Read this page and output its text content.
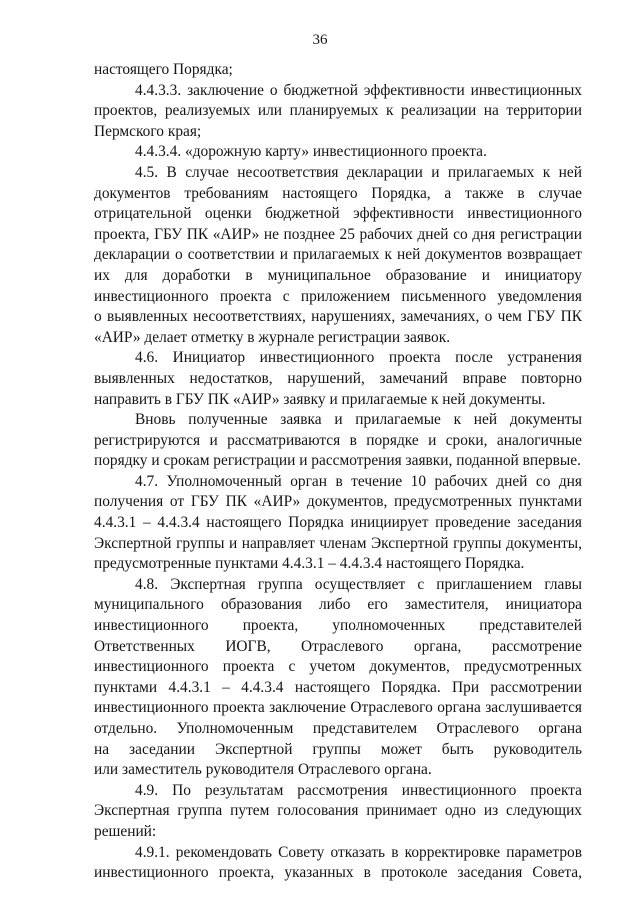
36
настоящего Порядка;
4.4.3.3. заключение о бюджетной эффективности инвестиционных
проектов, реализуемых или планируемых к реализации на территории
Пермского края;
4.4.3.4. «дорожную карту» инвестиционного проекта.
4.5. В случае несоответствия декларации и прилагаемых к ней
документов требованиям настоящего Порядка, а также в случае
отрицательной оценки бюджетной эффективности инвестиционного
проекта, ГБУ ПК «АИР» не позднее 25 рабочих дней со дня регистрации
декларации о соответствии и прилагаемых к ней документов возвращает
их для доработки в муниципальное образование и инициатору
инвестиционного проекта с приложением письменного уведомления
о выявленных несоответствиях, нарушениях, замечаниях, о чем ГБУ ПК
«АИР» делает отметку в журнале регистрации заявок.
4.6. Инициатор инвестиционного проекта после устранения
выявленных недостатков, нарушений, замечаний вправе повторно
направить в ГБУ ПК «АИР» заявку и прилагаемые к ней документы.
Вновь полученные заявка и прилагаемые к ней документы
регистрируются и рассматриваются в порядке и сроки, аналогичные
порядку и срокам регистрации и рассмотрения заявки, поданной впервые.
4.7. Уполномоченный орган в течение 10 рабочих дней со дня
получения от ГБУ ПК «АИР» документов, предусмотренных пунктами
4.4.3.1 – 4.4.3.4 настоящего Порядка инициирует проведение заседания
Экспертной группы и направляет членам Экспертной группы документы,
предусмотренные пунктами 4.4.3.1 – 4.4.3.4 настоящего Порядка.
4.8. Экспертная группа осуществляет с приглашением главы
муниципального образования либо его заместителя, инициатора
инвестиционного проекта, уполномоченных представителей
Ответственных ИОГВ, Отраслевого органа, рассмотрение
инвестиционного проекта с учетом документов, предусмотренных
пунктами 4.4.3.1 – 4.4.3.4 настоящего Порядка. При рассмотрении
инвестиционного проекта заключение Отраслевого органа заслушивается
отдельно. Уполномоченным представителем Отраслевого органа
на заседании Экспертной группы может быть руководитель
или заместитель руководителя Отраслевого органа.
4.9. По результатам рассмотрения инвестиционного проекта
Экспертная группа путем голосования принимает одно из следующих
решений:
4.9.1. рекомендовать Совету отказать в корректировке параметров
инвестиционного проекта, указанных в протоколе заседания Совета,
